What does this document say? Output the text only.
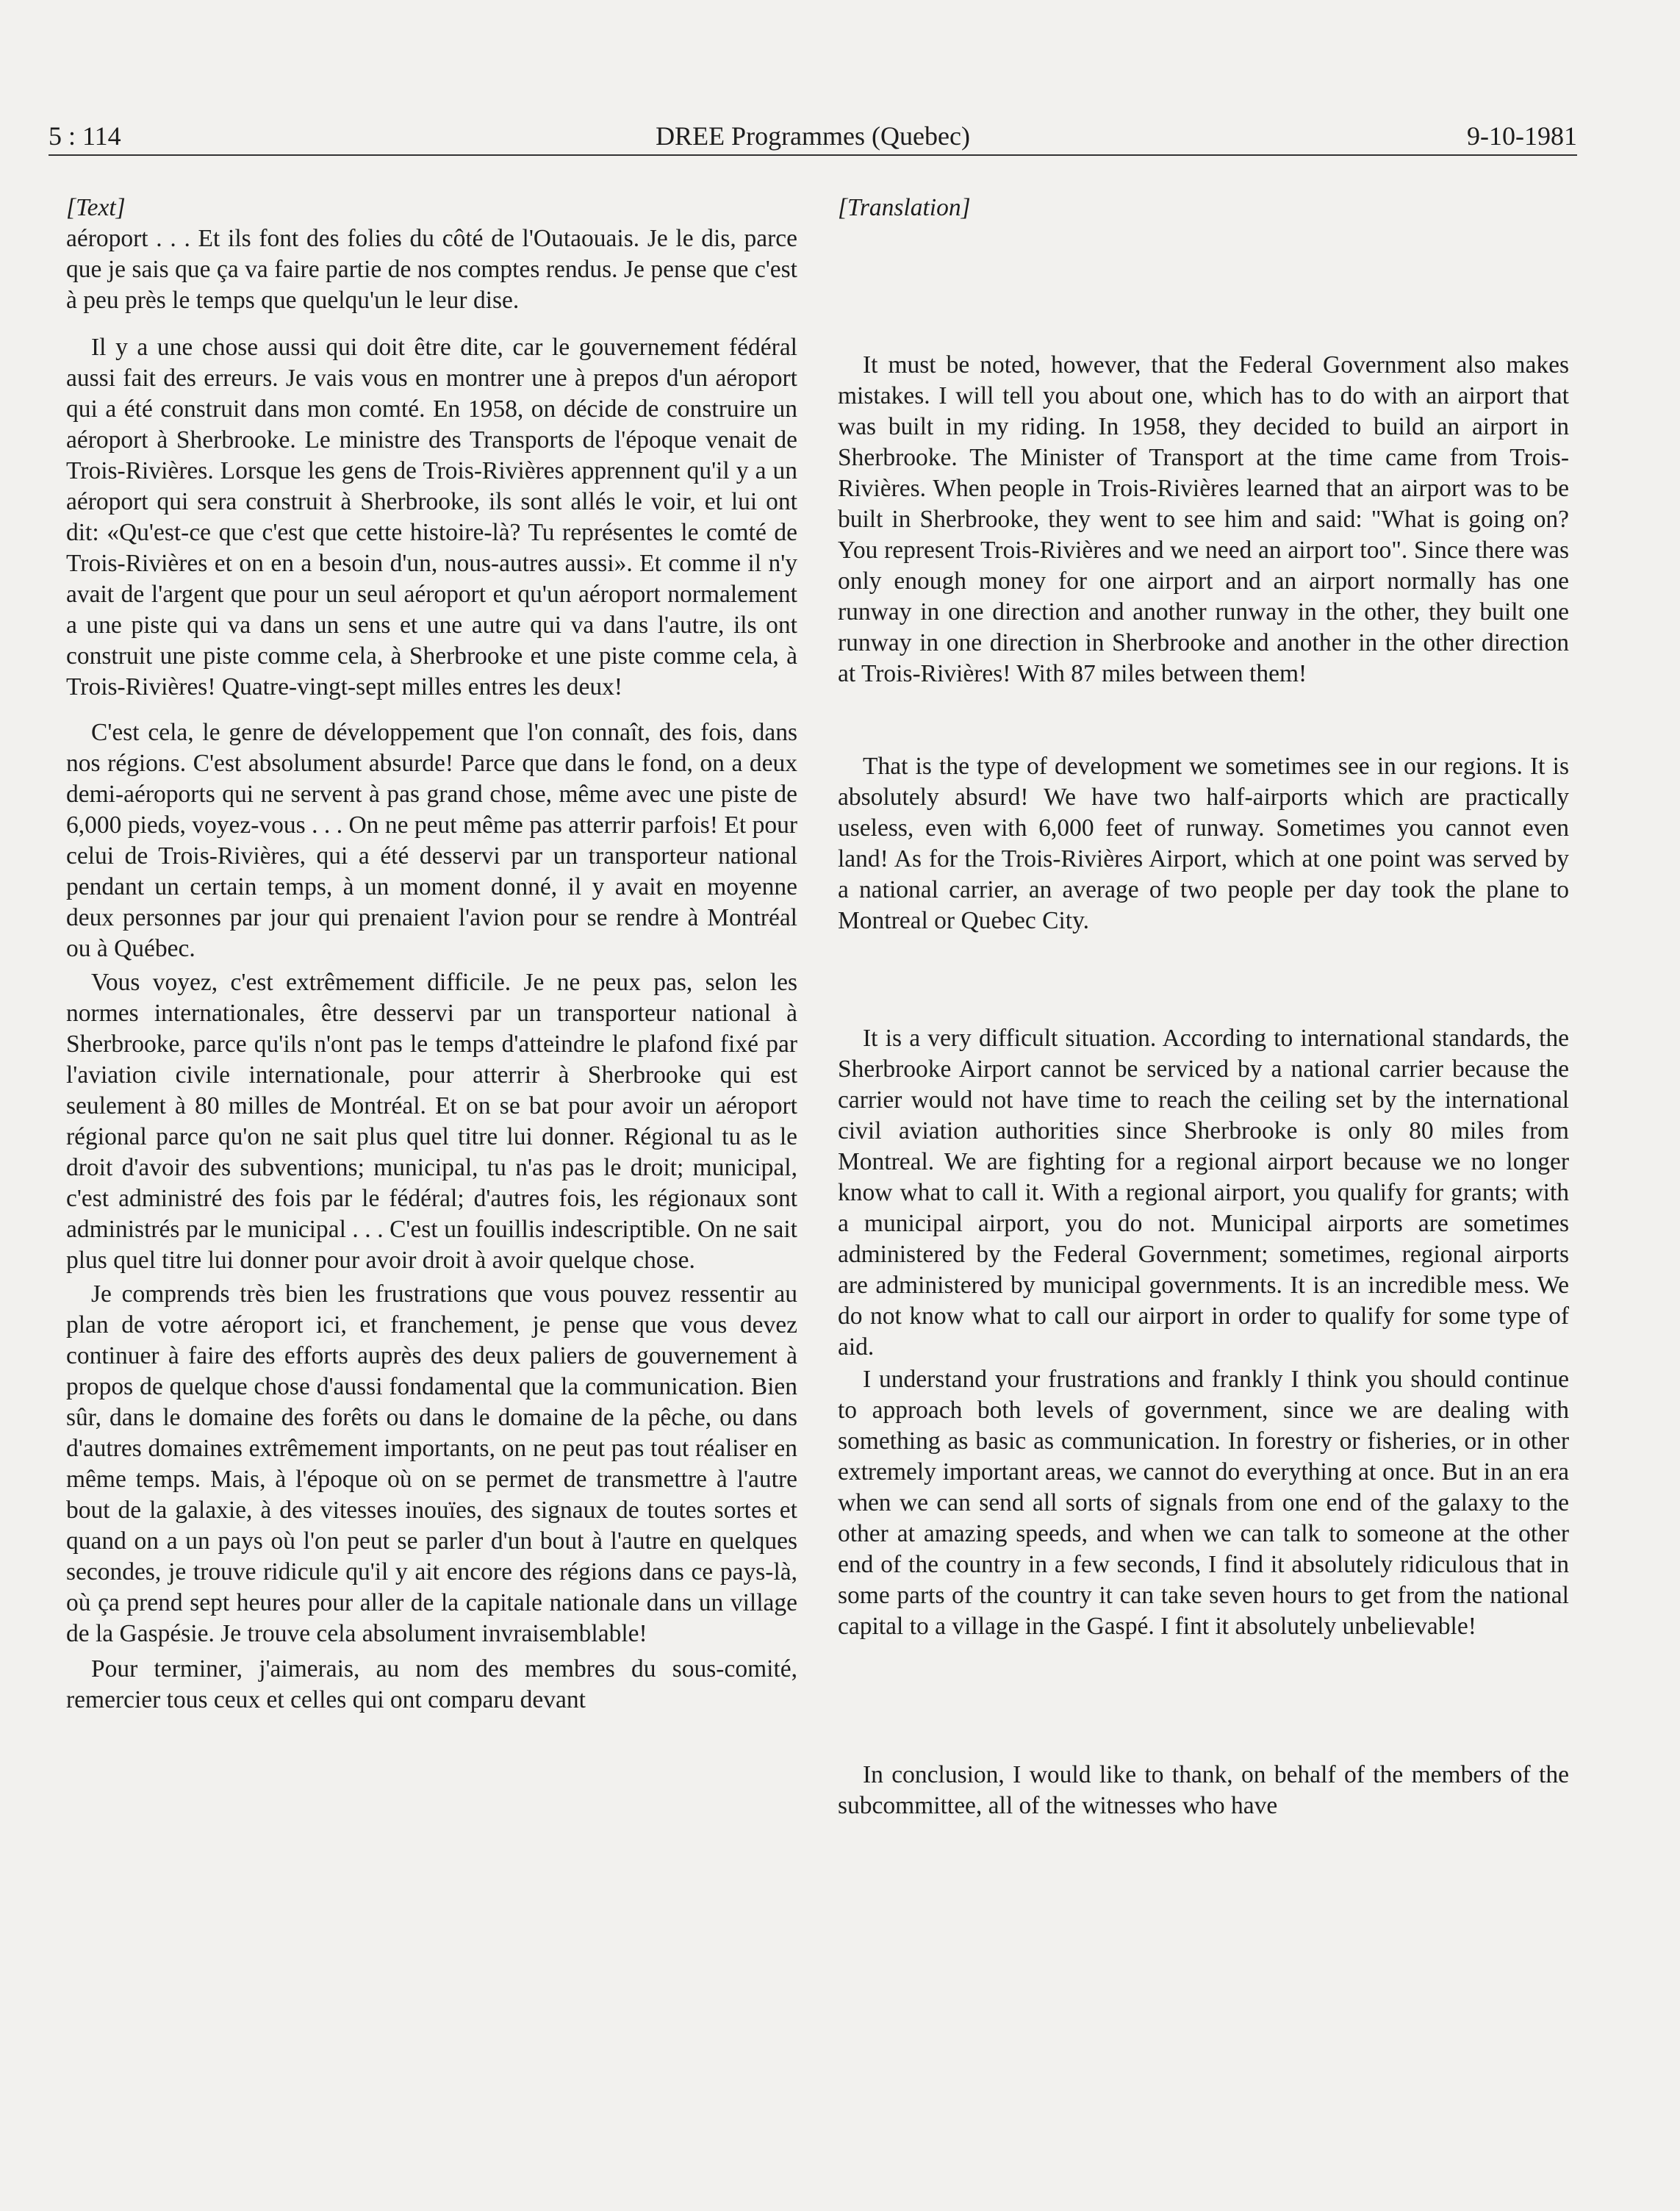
5 : 114	DREE Programmes (Quebec)	9-10-1981
[Text]

aéroport . . . Et ils font des folies du côté de l'Outaouais. Je le dis, parce que je sais que ça va faire partie de nos comptes rendus. Je pense que c'est à peu près le temps que quelqu'un le leur dise.

Il y a une chose aussi qui doit être dite, car le gouvernement fédéral aussi fait des erreurs. Je vais vous en montrer une à prepos d'un aéroport qui a été construit dans mon comté. En 1958, on décide de construire un aéroport à Sherbrooke. Le ministre des Transports de l'époque venait de Trois-Rivières. Lorsque les gens de Trois-Rivières apprennent qu'il y a un aéroport qui sera construit à Sherbrooke, ils sont allés le voir, et lui ont dit: «Qu'est-ce que c'est que cette histoire-là? Tu représentes le comté de Trois-Rivières et on en a besoin d'un, nous-autres aussi». Et comme il n'y avait de l'argent que pour un seul aéroport et qu'un aéroport normalement a une piste qui va dans un sens et une autre qui va dans l'autre, ils ont construit une piste comme cela, à Sherbrooke et une piste comme cela, à Trois-Rivières! Quatre-vingt-sept milles entres les deux!

C'est cela, le genre de développement que l'on connaît, des fois, dans nos régions. C'est absolument absurde! Parce que dans le fond, on a deux demi-aéroports qui ne servent à pas grand chose, même avec une piste de 6,000 pieds, voyez-vous . . . On ne peut même pas atterrir parfois! Et pour celui de Trois-Rivières, qui a été desservi par un transporteur national pendant un certain temps, à un moment donné, il y avait en moyenne deux personnes par jour qui prenaient l'avion pour se rendre à Montréal ou à Québec.

Vous voyez, c'est extrêmement difficile. Je ne peux pas, selon les normes internationales, être desservi par un transporteur national à Sherbrooke, parce qu'ils n'ont pas le temps d'atteindre le plafond fixé par l'aviation civile internationale, pour atterrir à Sherbrooke qui est seulement à 80 milles de Montréal. Et on se bat pour avoir un aéroport régional parce qu'on ne sait plus quel titre lui donner. Régional tu as le droit d'avoir des subventions; municipal, tu n'as pas le droit; municipal, c'est administré des fois par le fédéral; d'autres fois, les régionaux sont administrés par le municipal . . . C'est un fouillis indescriptible. On ne sait plus quel titre lui donner pour avoir droit à avoir quelque chose.

Je comprends très bien les frustrations que vous pouvez ressentir au plan de votre aéroport ici, et franchement, je pense que vous devez continuer à faire des efforts auprès des deux paliers de gouvernement à propos de quelque chose d'aussi fondamental que la communication. Bien sûr, dans le domaine des forêts ou dans le domaine de la pêche, ou dans d'autres domaines extrêmement importants, on ne peut pas tout réaliser en même temps. Mais, à l'époque où on se permet de transmettre à l'autre bout de la galaxie, à des vitesses inouïes, des signaux de toutes sortes et quand on a un pays où l'on peut se parler d'un bout à l'autre en quelques secondes, je trouve ridicule qu'il y ait encore des régions dans ce pays-là, où ça prend sept heures pour aller de la capitale nationale dans un village de la Gaspésie. Je trouve cela absolument invraisemblable!

Pour terminer, j'aimerais, au nom des membres du sous-comité, remercier tous ceux et celles qui ont comparu devant

[Translation]

It must be noted, however, that the Federal Government also makes mistakes. I will tell you about one, which has to do with an airport that was built in my riding. In 1958, they decided to build an airport in Sherbrooke. The Minister of Transport at the time came from Trois-Rivières. When people in Trois-Rivières learned that an airport was to be built in Sherbrooke, they went to see him and said: "What is going on? You represent Trois-Rivières and we need an airport too". Since there was only enough money for one airport and an airport normally has one runway in one direction and another runway in the other, they built one runway in one direction in Sherbrooke and another in the other direction at Trois-Rivières! With 87 miles between them!

That is the type of development we sometimes see in our regions. It is absolutely absurd! We have two half-airports which are practically useless, even with 6,000 feet of runway. Sometimes you cannot even land! As for the Trois-Rivières Airport, which at one point was served by a national carrier, an average of two people per day took the plane to Montreal or Quebec City.

It is a very difficult situation. According to international standards, the Sherbrooke Airport cannot be serviced by a national carrier because the carrier would not have time to reach the ceiling set by the international civil aviation authorities since Sherbrooke is only 80 miles from Montreal. We are fighting for a regional airport because we no longer know what to call it. With a regional airport, you qualify for grants; with a municipal airport, you do not. Municipal airports are sometimes administered by the Federal Government; sometimes, regional airports are administered by municipal governments. It is an incredible mess. We do not know what to call our airport in order to qualify for some type of aid.

I understand your frustrations and frankly I think you should continue to approach both levels of government, since we are dealing with something as basic as communication. In forestry or fisheries, or in other extremely important areas, we cannot do everything at once. But in an era when we can send all sorts of signals from one end of the galaxy to the other at amazing speeds, and when we can talk to someone at the other end of the country in a few seconds, I find it absolutely ridiculous that in some parts of the country it can take seven hours to get from the national capital to a village in the Gaspé. I fint it absolutely unbelievable!

In conclusion, I would like to thank, on behalf of the members of the subcommittee, all of the witnesses who have
